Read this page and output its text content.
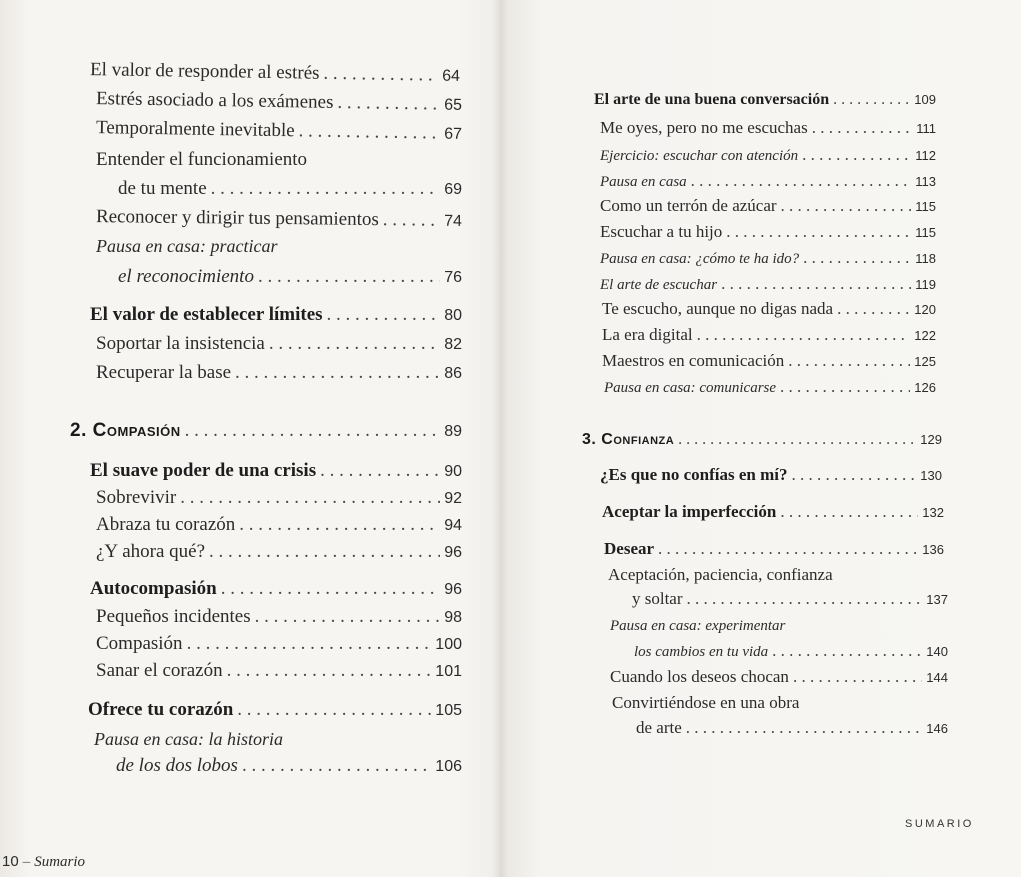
El valor de responder al estrés . . .	64
Estrés asociado a los exámenes . . .	65
Temporalmente inevitable . . .	67
Entender el funcionamiento
de tu mente . . .	69
Reconocer y dirigir tus pensamientos . . .	74
Pausa en casa: practicar
el reconocimiento . . .	76
El valor de establecer límites . . .	80
Soportar la insistencia . . .	82
Recuperar la base . . .	86
2. Compasión . . .	89
El suave poder de una crisis . . .	90
Sobrevivir . . .	92
Abraza tu corazón . . .	94
¿Y ahora qué? . . .	96
Autocompasión . . .	96
Pequeños incidentes . . .	98
Compasión . . .	100
Sanar el corazón . . .	101
Ofrece tu corazón . . .	105
Pausa en casa: la historia
de los dos lobos . . .	106
10 – Sumario
El arte de una buena conversación . . .	109
Me oyes, pero no me escuchas . . .	111
Ejercicio: escuchar con atención . . .	112
Pausa en casa . . .	113
Como un terrón de azúcar . . .	115
Escuchar a tu hijo . . .	115
Pausa en casa: ¿cómo te ha ido? . . .	118
El arte de escuchar . . .	119
Te escucho, aunque no digas nada . . .	120
La era digital . . .	122
Maestros en comunicación . . .	125
Pausa en casa: comunicarse . . .	126
3. Confianza . . .	129
¿Es que no confías en mí? . . .	130
Aceptar la imperfección . . .	132
Desear . . .	136
Aceptación, paciencia, confianza
y soltar . . .	137
Pausa en casa: experimentar
los cambios en tu vida . . .	140
Cuando los deseos chocan . . .	144
Convirtiéndose en una obra
de arte . . .	146
SUMARIO
